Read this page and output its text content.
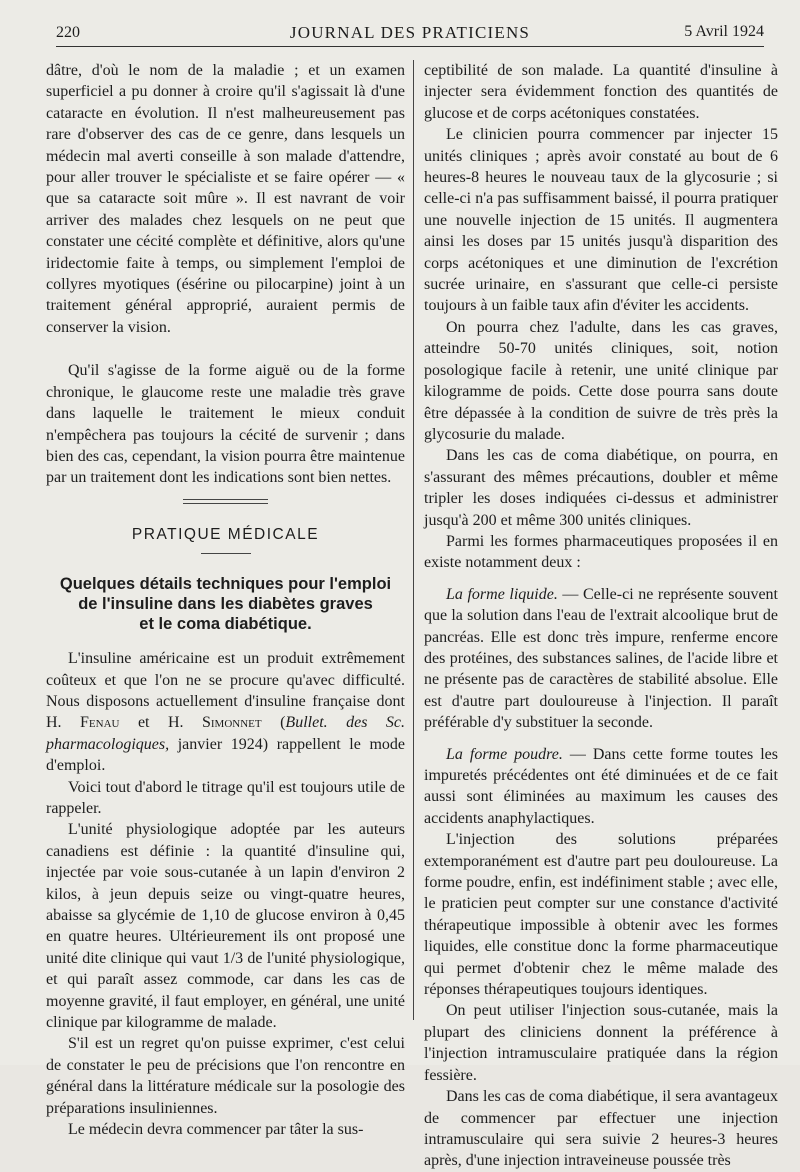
220	JOURNAL DES PRATICIENS	5 Avril 1924

dâtre, d'où le nom de la maladie ; et un examen superficiel a pu donner à croire qu'il s'agissait là d'une cataracte en évolution. Il n'est malheureusement pas rare d'observer des cas de ce genre, dans lesquels un médecin mal averti conseille à son malade d'attendre, pour aller trouver le spécialiste et se faire opérer — « que sa cataracte soit mûre ». Il est navrant de voir arriver des malades chez lesquels on ne peut que constater une cécité complète et définitive, alors qu'une iridectomie faite à temps, ou simplement l'emploi de collyres myotiques (ésérine ou pilocarpine) joint à un traitement général approprié, auraient permis de conserver la vision.

Qu'il s'agisse de la forme aiguë ou de la forme chronique, le glaucome reste une maladie très grave dans laquelle le traitement le mieux conduit n'empêchera pas toujours la cécité de survenir ; dans bien des cas, cependant, la vision pourra être maintenue par un traitement dont les indications sont bien nettes.

PRATIQUE MÉDICALE
Quelques détails techniques pour l'emploi
de l'insuline dans les diabètes graves
et le coma diabétique.

L'insuline américaine est un produit extrêmement coûteux et que l'on ne se procure qu'avec difficulté. Nous disposons actuellement d'insuline française dont H. Fenau et H. Simonnet (Bullet. des Sc. pharmacologiques, janvier 1924) rappellent le mode d'emploi.

Voici tout d'abord le titrage qu'il est toujours utile de rappeler.

L'unité physiologique adoptée par les auteurs canadiens est définie : la quantité d'insuline qui, injectée par voie sous-cutanée à un lapin d'environ 2 kilos, à jeun depuis seize ou vingt-quatre heures, abaisse sa glycémie de 1,10 de glucose environ à 0,45 en quatre heures. Ultérieurement ils ont proposé une unité dite clinique qui vaut 1/3 de l'unité physiologique, et qui paraît assez commode, car dans les cas de moyenne gravité, il faut employer, en général, une unité clinique par kilogramme de malade.

S'il est un regret qu'on puisse exprimer, c'est celui de constater le peu de précisions que l'on rencontre en général dans la littérature médicale sur la posologie des préparations insuliniennes.

Le médecin devra commencer par tâter la sus-

ceptibilité de son malade. La quantité d'insuline à injecter sera évidemment fonction des quantités de glucose et de corps acétoniques constatées.

Le clinicien pourra commencer par injecter 15 unités cliniques ; après avoir constaté au bout de 6 heures-8 heures le nouveau taux de la glycosurie ; si celle-ci n'a pas suffisamment baissé, il pourra pratiquer une nouvelle injection de 15 unités. Il augmentera ainsi les doses par 15 unités jusqu'à disparition des corps acétoniques et une diminution de l'excrétion sucrée urinaire, en s'assurant que celle-ci persiste toujours à un faible taux afin d'éviter les accidents.

On pourra chez l'adulte, dans les cas graves, atteindre 50-70 unités cliniques, soit, notion posologique facile à retenir, une unité clinique par kilogramme de poids. Cette dose pourra sans doute être dépassée à la condition de suivre de très près la glycosurie du malade.

Dans les cas de coma diabétique, on pourra, en s'assurant des mêmes précautions, doubler et même tripler les doses indiquées ci-dessus et administrer jusqu'à 200 et même 300 unités cliniques.

Parmi les formes pharmaceutiques proposées il en existe notamment deux :

La forme liquide. — Celle-ci ne représente souvent que la solution dans l'eau de l'extrait alcoolique brut de pancréas. Elle est donc très impure, renferme encore des protéines, des substances salines, de l'acide libre et ne présente pas de caractères de stabilité absolue. Elle est d'autre part douloureuse à l'injection. Il paraît préférable d'y substituer la seconde.

La forme poudre. — Dans cette forme toutes les impuretés précédentes ont été diminuées et de ce fait aussi sont éliminées au maximum les causes des accidents anaphylactiques.

L'injection des solutions préparées extemporanément est d'autre part peu douloureuse. La forme poudre, enfin, est indéfiniment stable ; avec elle, le praticien peut compter sur une constance d'activité thérapeutique impossible à obtenir avec les formes liquides, elle constitue donc la forme pharmaceutique qui permet d'obtenir chez le même malade des réponses thérapeutiques toujours identiques.

On peut utiliser l'injection sous-cutanée, mais la plupart des cliniciens donnent la préférence à l'injection intramusculaire pratiquée dans la région fessière.

Dans les cas de coma diabétique, il sera avantageux de commencer par effectuer une injection intramusculaire qui sera suivie 2 heures-3 heures après, d'une injection intraveineuse poussée très
